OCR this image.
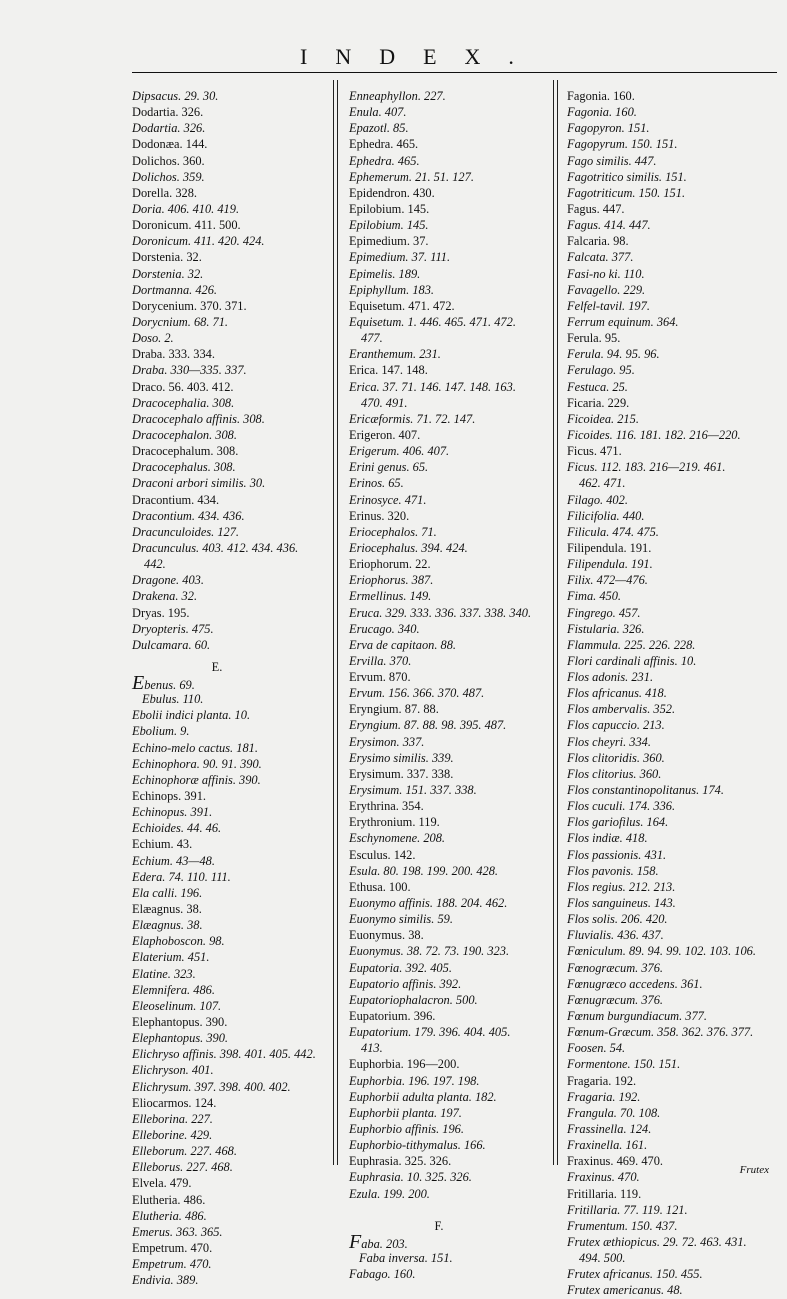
INDEX.
Dipsacus. 29. 30.
Dodartia. 326.
Dodartia. 326.
Dodonæa. 144.
Dolichos. 360.
Dolichos. 359.
Dorella. 328.
Doria. 406. 410. 419.
Doronicum. 411. 500.
Doronicum. 411. 420. 424.
Dorstenia. 32.
Dorstenia. 32.
Dortmanna. 426.
Dorycenium. 370. 371.
Dorycnium. 68. 71.
Doso. 2.
Draba. 333. 334.
Draba. 330—335. 337.
Draco. 56. 403. 412.
Dracocephalia. 308.
Dracocephalo affinis. 308.
Dracocephalon. 308.
Dracocephalum. 308.
Dracocephalus. 308.
Draconi arbori similis. 30.
Dracontium. 434.
Dracontium. 434. 436.
Dracunculoides. 127.
Dracunculus. 403. 412. 434. 436.
442.
Dragone. 403.
Drakena. 32.
Dryas. 195.
Dryopteris. 475.
Dulcamara. 60.
E.
Ebenus. 69.
Ebulus. 110.
Ebolii indici planta. 10.
Ebolium. 9.
Echino-melo cactus. 181.
Echinophora. 90. 91. 390.
Echinophoræ affinis. 390.
Echinops. 391.
Echinopus. 391.
Echioides. 44. 46.
Echium. 43.
Echium. 43—48.
Edera. 74. 110. 111.
Ela calli. 196.
Elæagnus. 38.
Elæagnus. 38.
Elaphoboscon. 98.
Elaterium. 451.
Elatine. 323.
Elemnifera. 486.
Eleoselinum. 107.
Elephantopus. 390.
Elephantopus. 390.
Elichryso affinis. 398. 401. 405. 442.
Elichryson. 401.
Elichrysum. 397. 398. 400. 402.
Eliocarmos. 124.
Elleborina. 227.
Elleborine. 429.
Elleborum. 227. 468.
Elleborus. 227. 468.
Elvela. 479.
Elutheria. 486.
Elutheria. 486.
Emerus. 363. 365.
Empetrum. 470.
Empetrum. 470.
Endivia. 389.
Enneaphyllon. 227.
Enula. 407.
Epazotl. 85.
Ephedra. 465.
Ephedra. 465.
Ephemerum. 21. 51. 127.
Epidendron. 430.
Epilobium. 145.
Epilobium. 145.
Epimedium. 37.
Epimedium. 37. 111.
Epimelis. 189.
Epiphyllum. 183.
Equisetum. 471. 472.
Equisetum. 1. 446. 465. 471. 472.
477.
Eranthemum. 231.
Erica. 147. 148.
Erica. 37. 71. 146. 147. 148. 163.
470. 491.
Ericæformis. 71. 72. 147.
Erigeron. 407.
Erigerum. 406. 407.
Erini genus. 65.
Erinos. 65.
Erinosyce. 471.
Erinus. 320.
Eriocephalos. 71.
Eriocephalus. 394. 424.
Eriophorum. 22.
Eriophorus. 387.
Ermellinus. 149.
Eruca. 329. 333. 336. 337. 338. 340.
Erucago. 340.
Erva de capitaon. 88.
Ervilla. 370.
Ervum. 870.
Ervum. 156. 366. 370. 487.
Eryngium. 87. 88.
Eryngium. 87. 88. 98. 395. 487.
Erysimon. 337.
Erysimo similis. 339.
Erysimum. 337. 338.
Erysimum. 151. 337. 338.
Erythrina. 354.
Erythronium. 119.
Eschynomene. 208.
Esculus. 142.
Esula. 80. 198. 199. 200. 428.
Ethusa. 100.
Euonymo affinis. 188. 204. 462.
Euonymo similis. 59.
Euonymus. 38.
Euonymus. 38. 72. 73. 190. 323.
Eupatoria. 392. 405.
Eupatorio affinis. 392.
Eupatoriophalacron. 500.
Eupatorium. 396.
Eupatorium. 179. 396. 404. 405.
413.
Euphorbia. 196—200.
Euphorbia. 196. 197. 198.
Euphorbii adulta planta. 182.
Euphorbii planta. 197.
Euphorbio affinis. 196.
Euphorbio-tithymalus. 166.
Euphrasia. 325. 326.
Euphrasia. 10. 325. 326.
Ezula. 199. 200.
F.
Faba. 203.
Faba inversa. 151.
Fabago. 160.
Fagonia. 160.
Fagonia. 160.
Fagopyron. 151.
Fagopyrum. 150. 151.
Fago similis. 447.
Fagotritico similis. 151.
Fagotriticum. 150. 151.
Fagus. 447.
Fagus. 414. 447.
Falcaria. 98.
Falcata. 377.
Fasi-no ki. 110.
Favagello. 229.
Felfel-tavil. 197.
Ferrum equinum. 364.
Ferula. 95.
Ferula. 94. 95. 96.
Ferulago. 95.
Festuca. 25.
Ficaria. 229.
Ficoidea. 215.
Ficoides. 116. 181. 182. 216—220.
Ficus. 471.
Ficus. 112. 183. 216—219. 461.
462. 471.
Filago. 402.
Filicifolia. 440.
Filicula. 474. 475.
Filipendula. 191.
Filipendula. 191.
Filix. 472—476.
Fima. 450.
Fingrego. 457.
Fistularia. 326.
Flammula. 225. 226. 228.
Flori cardinali affinis. 10.
Flos adonis. 231.
Flos africanus. 418.
Flos ambervalis. 352.
Flos capuccio. 213.
Flos cheyri. 334.
Flos clitoridis. 360.
Flos clitorius. 360.
Flos constantinopolitanus. 174.
Flos cuculi. 174. 336.
Flos gariofilus. 164.
Flos indiæ. 418.
Flos passionis. 431.
Flos pavonis. 158.
Flos regius. 212. 213.
Flos sanguineus. 143.
Flos solis. 206. 420.
Fluvialis. 436. 437.
Fœniculum. 89. 94. 99. 102. 103. 106.
Fœnogræcum. 376.
Fœnugræco accedens. 361.
Fœnugræcum. 376.
Fœnum burgundiacum. 377.
Fœnum-Græcum. 358. 362. 376. 377.
Foosen. 54.
Formentone. 150. 151.
Fragaria. 192.
Fragaria. 192.
Frangula. 70. 108.
Frassinella. 124.
Fraxinella. 161.
Fraxinus. 469. 470.
Fraxinus. 470.
Fritillaria. 119.
Fritillaria. 77. 119. 121.
Frumentum. 150. 437.
Frutex æthiopicus. 29. 72. 463. 431.
494. 500.
Frutex africanus. 150. 455.
Frutex americanus. 48.
Frutex
